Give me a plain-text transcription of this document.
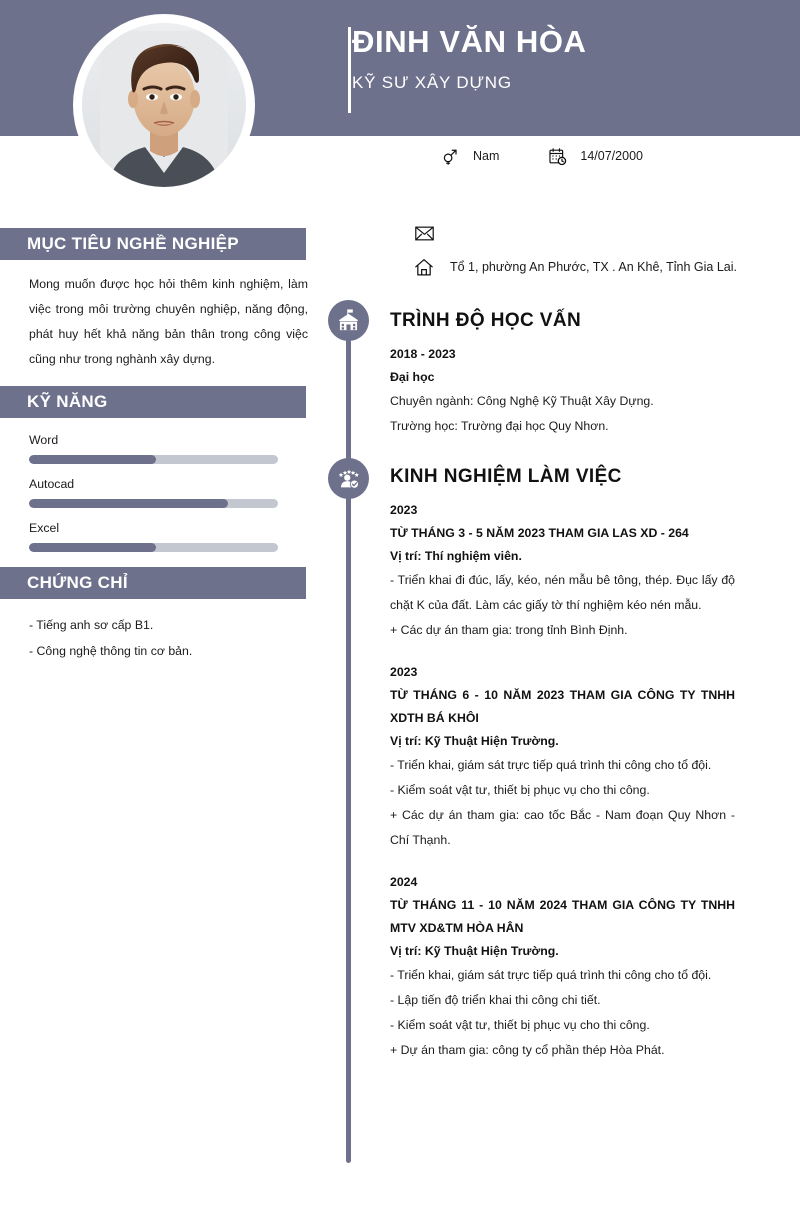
ĐINH VĂN HÒA
KỸ SƯ XÂY DỰNG
Nam	14/07/2000
Tổ 1, phường An Phước, TX . An Khê, Tỉnh Gia Lai.
MỤC TIÊU NGHỀ NGHIỆP
Mong muốn được học hỏi thêm kinh nghiệm, làm việc trong môi trường chuyên nghiệp, năng động, phát huy hết khả năng bản thân trong công việc cũng như trong nghành xây dựng.
KỸ NĂNG
Word
Autocad
Excel
CHỨNG CHỈ
- Tiếng anh sơ cấp B1.
- Công nghệ thông tin cơ bản.
TRÌNH ĐỘ HỌC VẤN
2018 - 2023
Đại học
Chuyên ngành: Công Nghệ Kỹ Thuật Xây Dựng.
Trường học: Trường đại học Quy Nhơn.
KINH NGHIỆM LÀM VIỆC
2023
TỪ THÁNG 3 - 5 NĂM 2023 THAM GIA LAS XD - 264
Vị trí: Thí nghiệm viên.
- Triển khai đi đúc, lấy, kéo, nén mẫu bê tông, thép. Đục lấy độ chặt K của đất. Làm các giấy tờ thí nghiệm kéo nén mẫu.
+ Các dự án tham gia: trong tỉnh Bình Định.
2023
TỪ THÁNG 6 - 10 NĂM 2023 THAM GIA CÔNG TY TNHH XDTH BÁ KHÔI
Vị trí: Kỹ Thuật Hiện Trường.
- Triển khai, giám sát trực tiếp quá trình thi công cho tổ đội.
- Kiểm soát vật tư, thiết bị phục vụ cho thi công.
+ Các dự án tham gia: cao tốc Bắc - Nam đoạn Quy Nhơn - Chí Thạnh.
2024
TỪ THÁNG 11 - 10 NĂM 2024 THAM GIA CÔNG TY TNHH MTV XD&TM HÒA HÂN
Vị trí: Kỹ Thuật Hiện Trường.
- Triển khai, giám sát trực tiếp quá trình thi công cho tổ đội.
- Lập tiến độ triển khai thi công chi tiết.
- Kiểm soát vật tư, thiết bị phục vụ cho thi công.
+ Dự án tham gia: công ty cổ phần thép Hòa Phát.
